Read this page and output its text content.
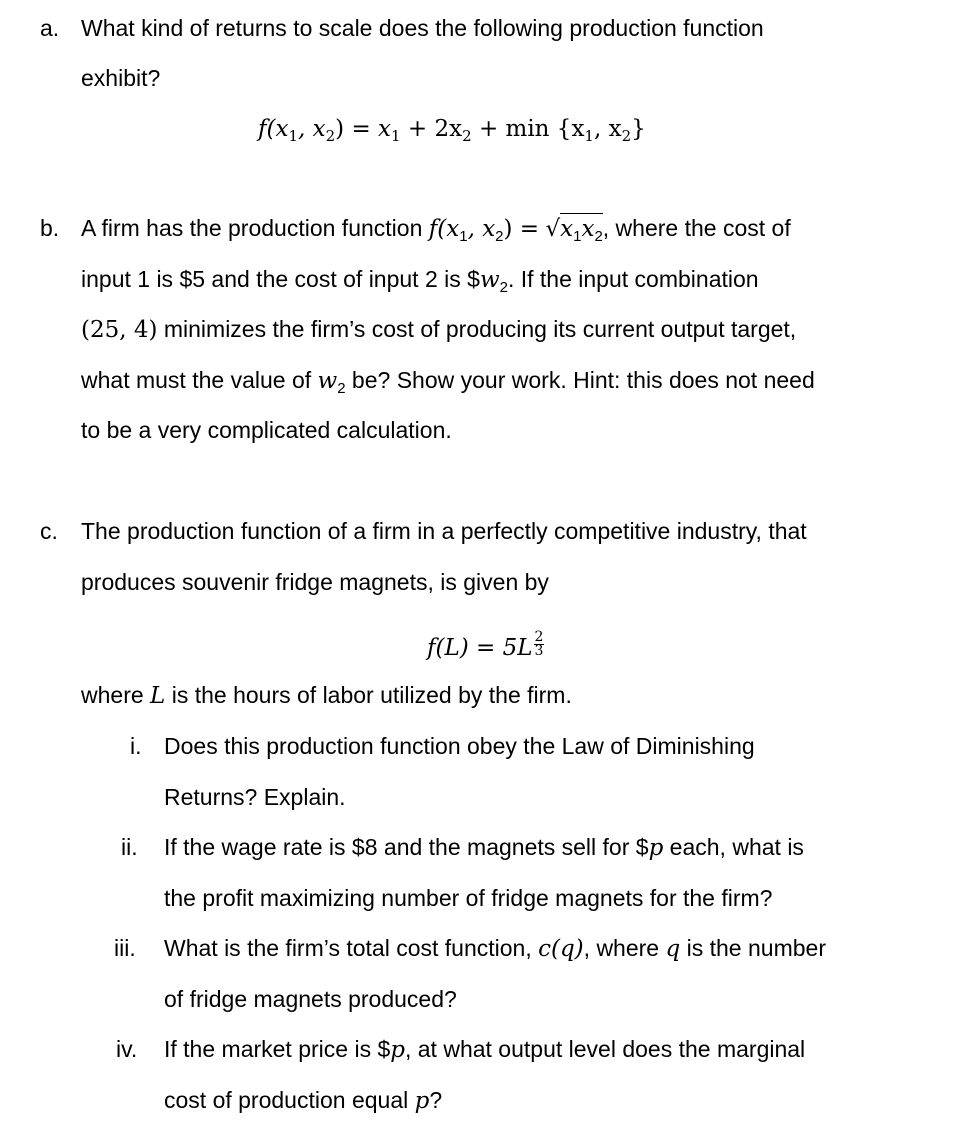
a. What kind of returns to scale does the following production function
exhibit?
$f(x_1$, $x_2) = x_1 + 2x_2 + \min \{x_1$, $x_2$}
b. A firm has the production function $f(x_1$, $x_2) = √x_1x_2$, where the cost of
input 1 is $5 and the cost of input 2 is $\$w_2$. If the input combination
(25, 4) minimizes the firm’s cost of producing its current output target,
what must the value of $w_2$ be? Show your work. Hint: this does not need
to be a very complicated calculation.
c. The production function of a firm in a perfectly competitive industry, that
produces souvenir fridge magnets, is given by
$f(L) = 5L \frac{2}{3}$
where L is the hours of labor utilized by the firm.
i. Does this production function obey the Law of Diminishing
Returns? Explain.
ii. If the wage rate is $8 and the magnets sell for $p each, what is
the profit maximizing number of fridge magnets for the firm?
iii. What is the firm’s total cost function, c(q), where q is the number
of fridge magnets produced?
iv. If the market price is $p, at what output level does the marginal
cost of production equal p?
